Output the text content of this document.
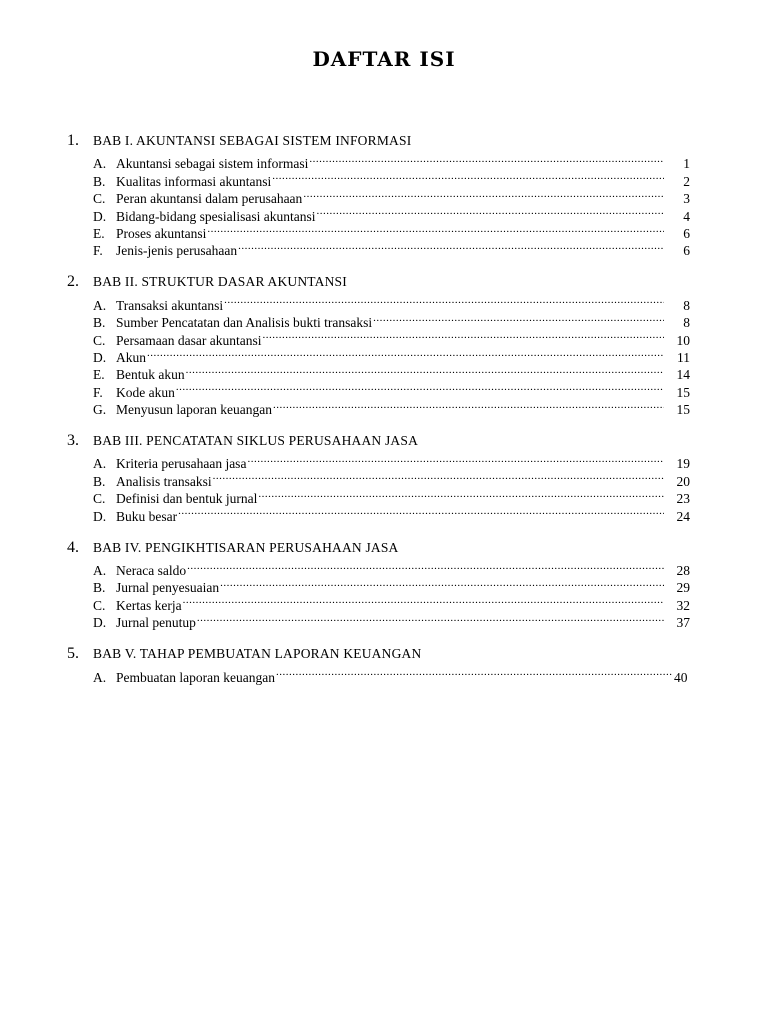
DAFTAR ISI
1.	BAB I. AKUNTANSI SEBAGAI SISTEM INFORMASI
A. Akuntansi sebagai sistem informasi .....	1
B. Kualitas informasi akuntansi .....	2
C. Peran akuntansi dalam perusahaan .....	3
D. Bidang-bidang spesialisasi akuntansi .....	4
E. Proses akuntansi .....	6
F. Jenis-jenis perusahaan .....	6
2.	BAB II. STRUKTUR DASAR AKUNTANSI
A. Transaksi akuntansi .....	8
B. Sumber Pencatatan dan Analisis bukti transaksi .....	8
C. Persamaan dasar akuntansi .....	10
D. Akun .....	11
E. Bentuk akun .....	14
F. Kode akun .....	15
G. Menyusun laporan keuangan .....	15
3.	BAB III. PENCATATAN SIKLUS PERUSAHAAN JASA
A. Kriteria perusahaan jasa .....	19
B. Analisis transaksi .....	20
C. Definisi dan bentuk jurnal .....	23
D. Buku besar .....	24
4.	BAB IV. PENGIKHTISARAN PERUSAHAAN JASA
A. Neraca saldo .....	28
B. Jurnal penyesuaian .....	29
C. Kertas kerja .....	32
D. Jurnal penutup .....	37
5.	BAB V. TAHAP PEMBUATAN LAPORAN KEUANGAN
A. Pembuatan laporan keuangan .....	40
